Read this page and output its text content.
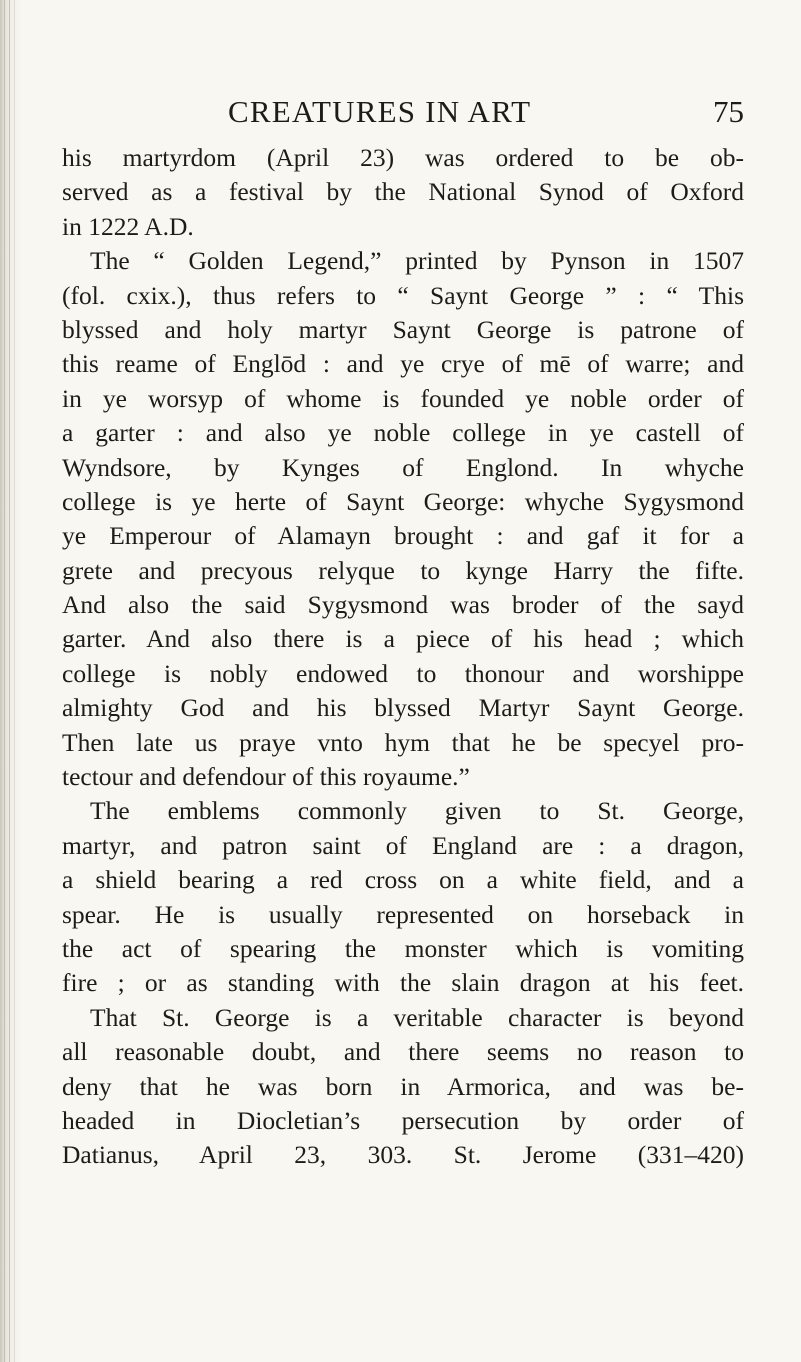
CREATURES IN ART	75
his martyrdom (April 23) was ordered to be ob-
served as a festival by the National Synod of Oxford
in 1222 A.D.
The “ Golden Legend,” printed by Pynson in 1507
(fol. cxix.), thus refers to “ Saynt George ” : “ This
blyssed and holy martyr Saynt George is patrone of
this reame of Englōd : and ye crye of mē of warre; and
in ye worsyp of whome is founded ye noble order of
a garter : and also ye noble college in ye castell of
Wyndsore, by Kynges of Englond. In whyche
college is ye herte of Saynt George: whyche Sygysmond
ye Emperour of Alamayn brought : and gaf it for a
grete and precyous relyque to kynge Harry the fifte.
And also the said Sygysmond was broder of the sayd
garter. And also there is a piece of his head ; which
college is nobly endowed to thonour and worshippe
almighty God and his blyssed Martyr Saynt George.
Then late us praye vnto hym that he be specyel pro-
tectour and defendour of this royaume.”
The emblems commonly given to St. George,
martyr, and patron saint of England are : a dragon,
a shield bearing a red cross on a white field, and a
spear. He is usually represented on horseback in
the act of spearing the monster which is vomiting
fire ; or as standing with the slain dragon at his feet.
That St. George is a veritable character is beyond
all reasonable doubt, and there seems no reason to
deny that he was born in Armorica, and was be-
headed in Diocletian’s persecution by order of
Datianus, April 23, 303. St. Jerome (331–420)
